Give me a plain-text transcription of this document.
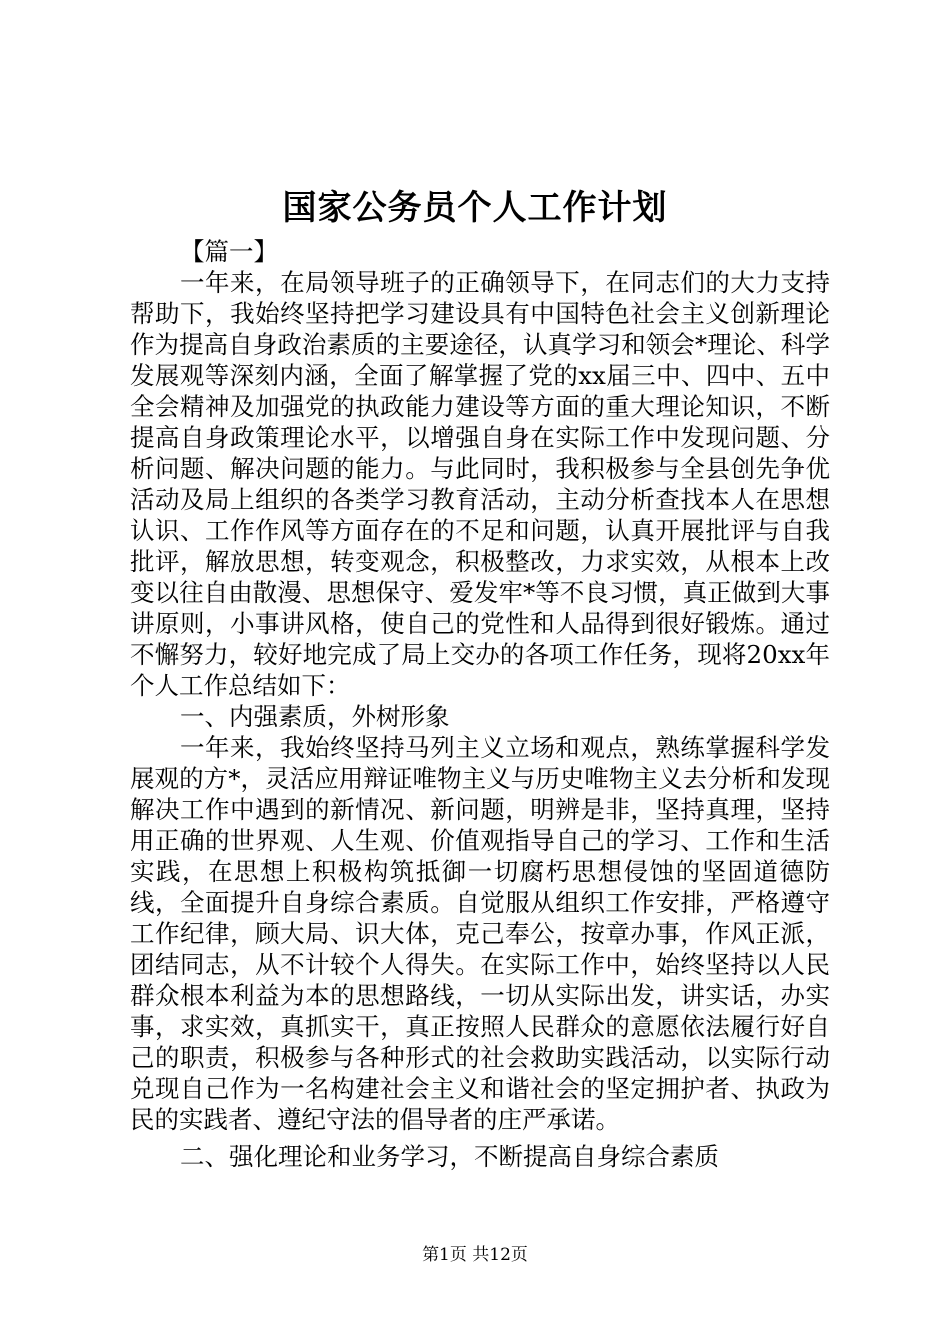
国家公务员个人工作计划

【篇一】

一年来，在局领导班子的正确领导下，在同志们的大力支持帮助下，我始终坚持把学习建设具有中国特色社会主义创新理论作为提高自身政治素质的主要途径，认真学习和领会*理论、科学发展观等深刻内涵，全面了解掌握了党的xx届三中、四中、五中全会精神及加强党的执政能力建设等方面的重大理论知识，不断提高自身政策理论水平，以增强自身在实际工作中发现问题、分析问题、解决问题的能力。与此同时，我积极参与全县创先争优活动及局上组织的各类学习教育活动，主动分析查找本人在思想认识、工作作风等方面存在的不足和问题，认真开展批评与自我批评，解放思想，转变观念，积极整改，力求实效，从根本上改变以往自由散漫、思想保守、爱发牢*等不良习惯，真正做到大事讲原则，小事讲风格，使自己的党性和人品得到很好锻炼。通过不懈努力，较好地完成了局上交办的各项工作任务，现将20xx年个人工作总结如下：

一、内强素质，外树形象

一年来，我始终坚持马列主义立场和观点，熟练掌握科学发展观的方*，灵活应用辩证唯物主义与历史唯物主义去分析和发现解决工作中遇到的新情况、新问题，明辨是非，坚持真理，坚持用正确的世界观、人生观、价值观指导自己的学习、工作和生活实践，在思想上积极构筑抵御一切腐朽思想侵蚀的坚固道德防线，全面提升自身综合素质。自觉服从组织工作安排，严格遵守工作纪律，顾大局、识大体，克己奉公，按章办事，作风正派，团结同志，从不计较个人得失。在实际工作中，始终坚持以人民群众根本利益为本的思想路线，一切从实际出发，讲实话，办实事，求实效，真抓实干，真正按照人民群众的意愿依法履行好自己的职责，积极参与各种形式的社会救助实践活动，以实际行动兑现自己作为一名构建社会主义和谐社会的坚定拥护者、执政为民的实践者、遵纪守法的倡导者的庄严承诺。

二、强化理论和业务学习，不断提高自身综合素质

第1页 共12页
